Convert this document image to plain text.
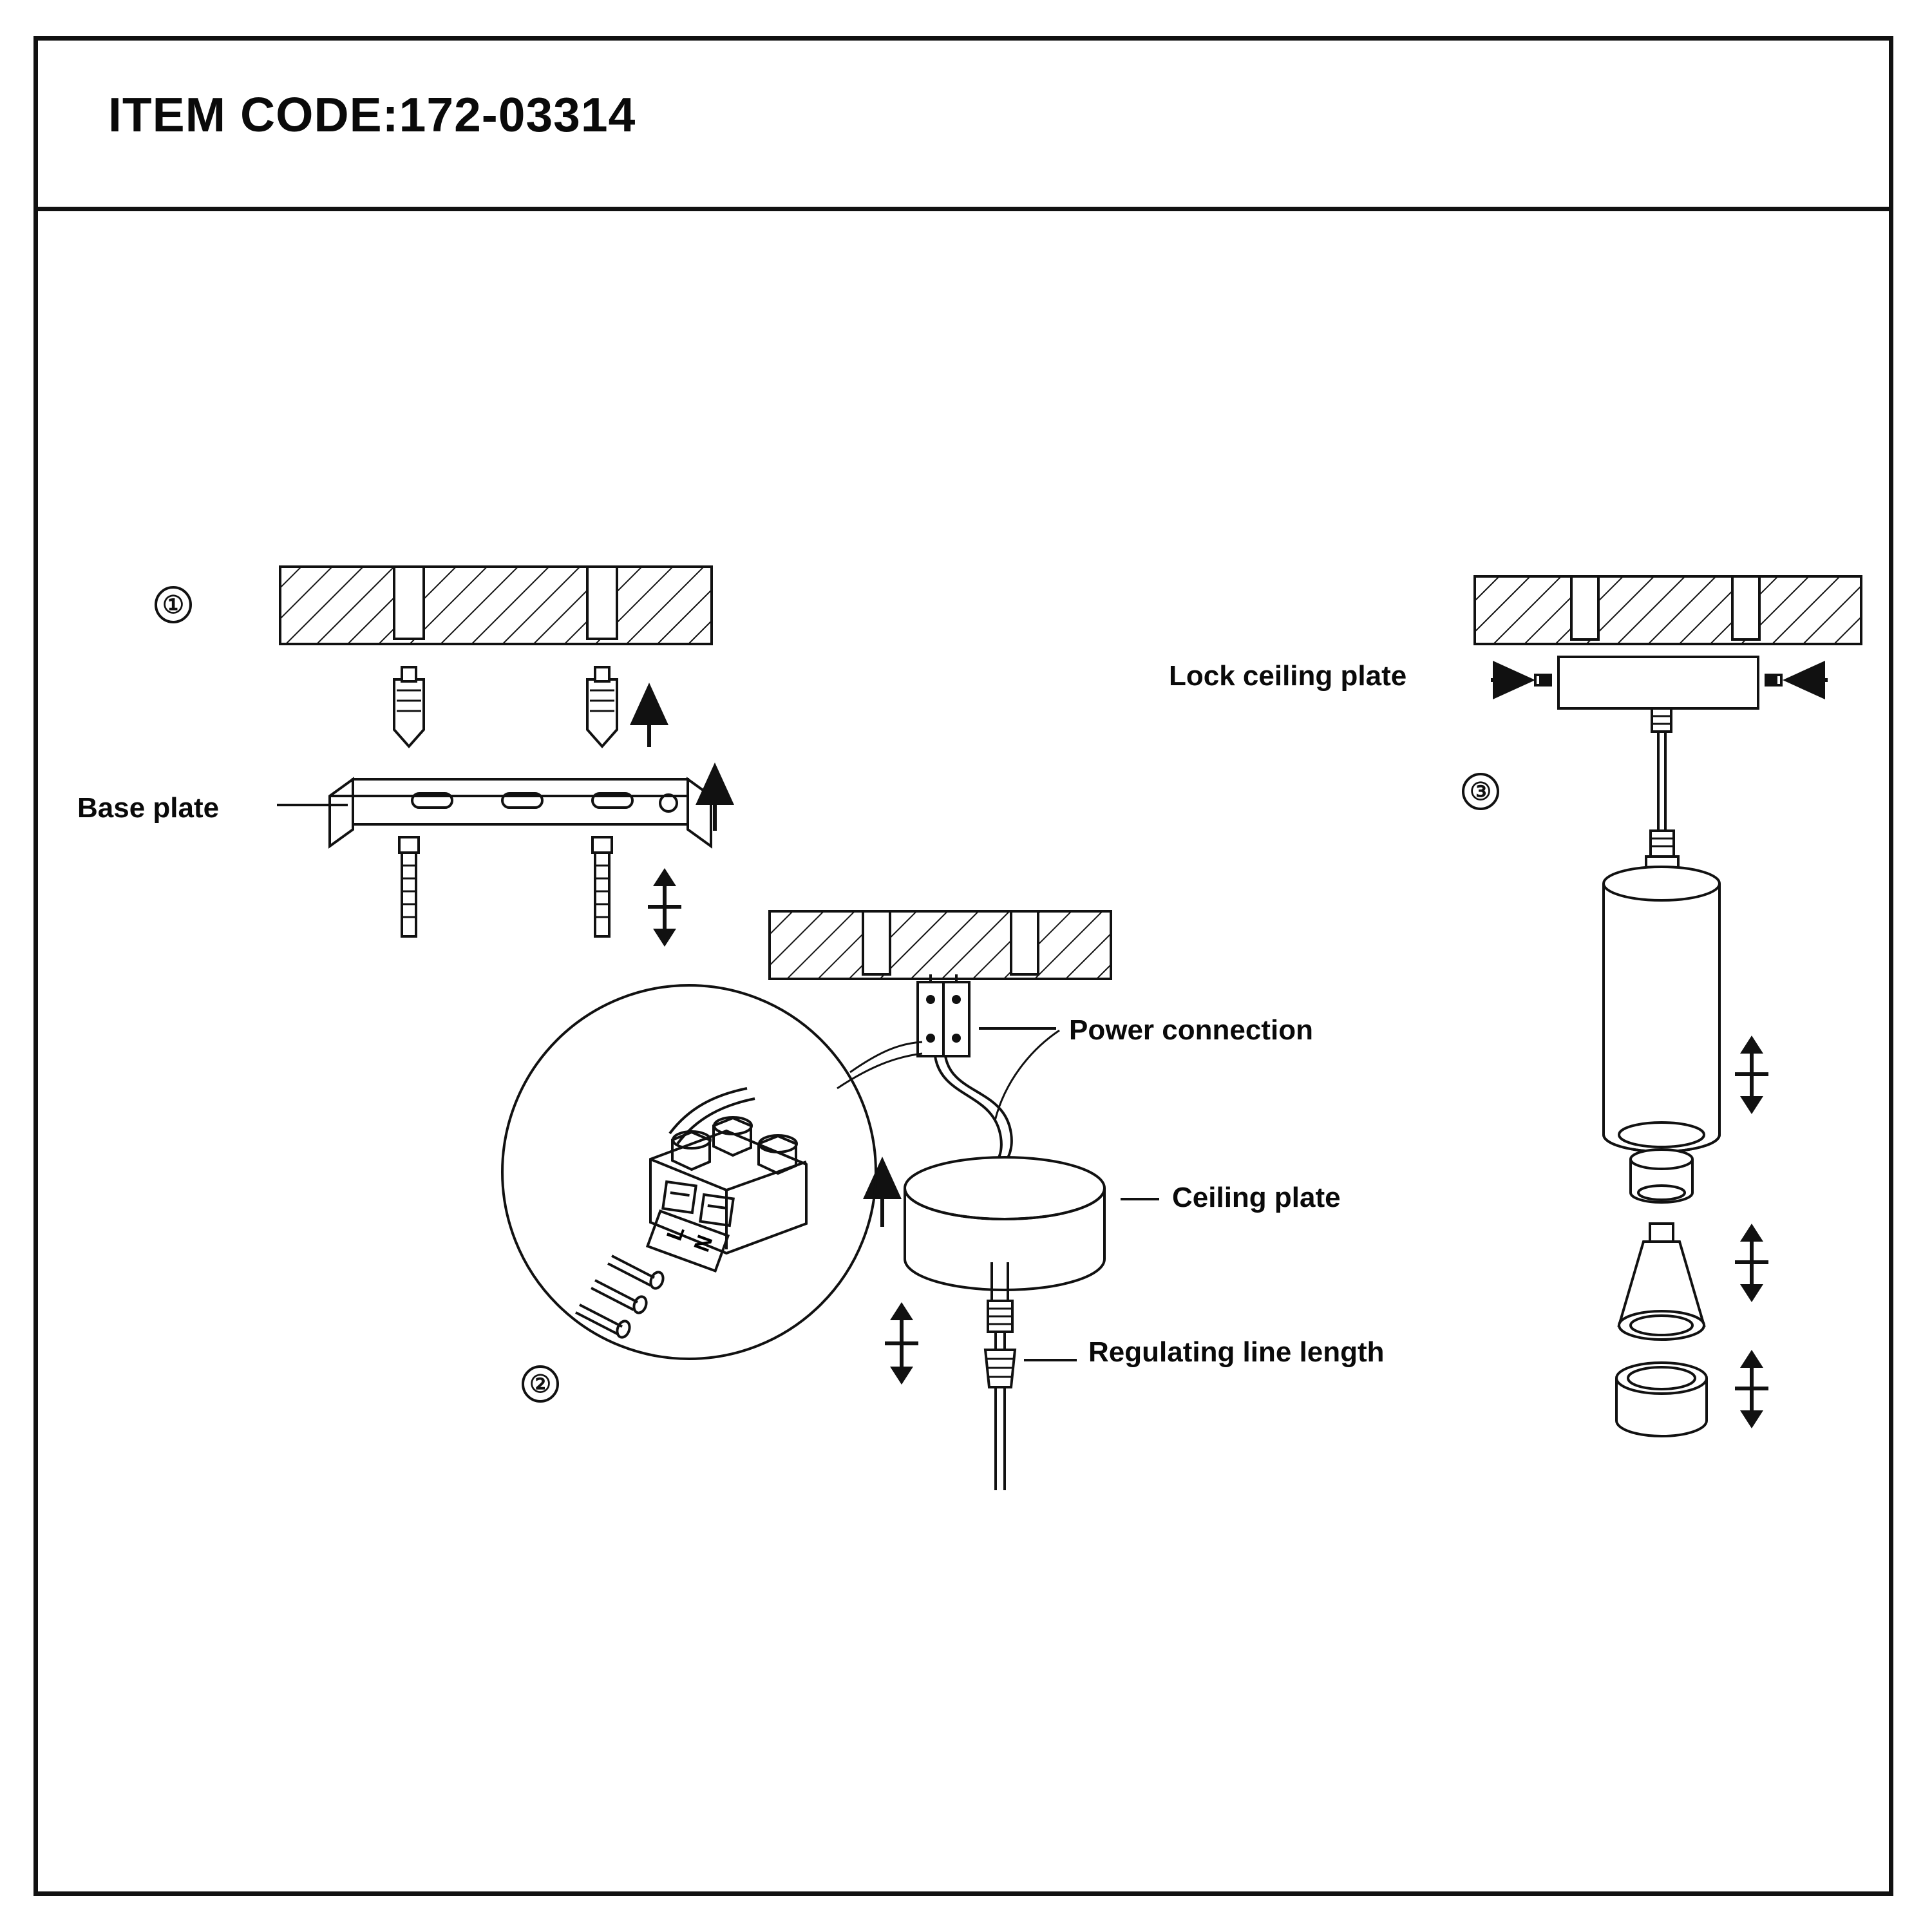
ITEM CODE:172-03314
①
②
③
Base plate
Power connection
Ceiling plate
Regulating line length
Lock ceiling plate
L N
